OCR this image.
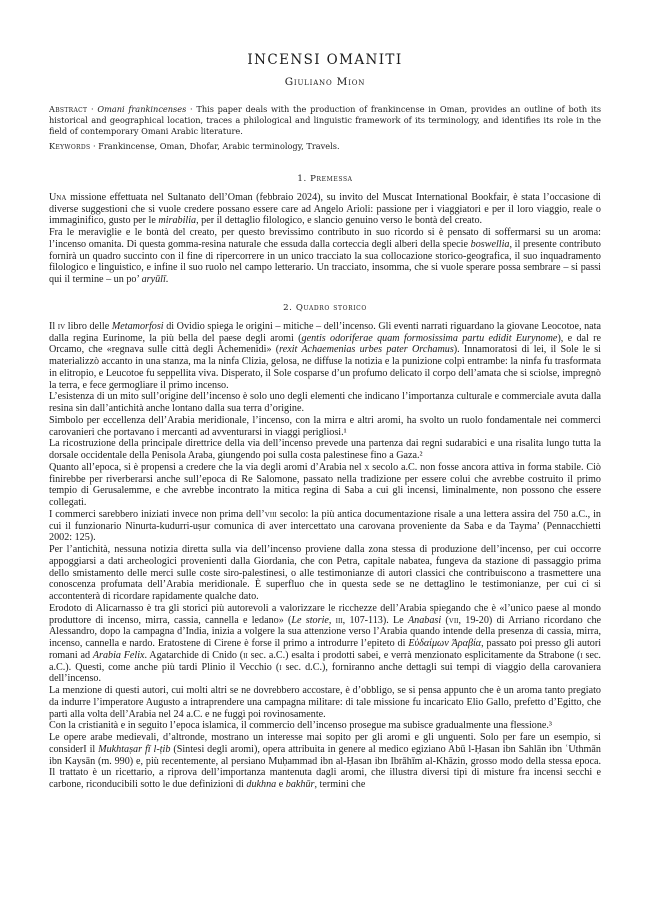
INCENSI OMANITI
Giuliano Mion

Abstract · Omani frankincenses · This paper deals with the production of frankincense in Oman, provides an outline of both its historical and geographical location, traces a philological and linguistic framework of its terminology, and identifies its role in the field of contemporary Omani Arabic literature.

Keywords · Frankincense, Oman, Dhofar, Arabic terminology, Travels.

1. Premessa

Una missione effettuata nel Sultanato dell’Oman (febbraio 2024), su invito del Muscat International Bookfair, è stata l’occasione di diverse suggestioni che si vuole credere possano essere care ad Angelo Arioli: passione per i viaggiatori e per il loro viaggio, reale o immaginifico, gusto per le mirabilia, per il dettaglio filologico, e slancio genuino verso le bontà del creato.

Fra le meraviglie e le bontà del creato, per questo brevissimo contributo in suo ricordo si è pensato di soffermarsi su un aroma: l’incenso omanita. Di questa gomma-resina naturale che essuda dalla corteccia degli alberi della specie boswellia, il presente contributo fornirà un quadro succinto con il fine di ripercorrere in un unico tracciato la sua collocazione storico-geografica, il suo inquadramento filologico e linguistico, e infine il suo ruolo nel campo letterario. Un tracciato, insomma, che si vuole sperare possa sembrare – si passi qui il termine – un po’ aryūlī.

2. Quadro storico

Il iv libro delle Metamorfosi di Ovidio spiega le origini – mitiche – dell’incenso. Gli eventi narrati riguardano la giovane Leocotoe, nata dalla regina Eurinome, la più bella del paese degli aromi (gentis odoriferae quam formosissima partu edidit Eurynome), e dal re Orcamo, che «regnava sulle città degli Achemenidi» (rexit Achaemenias urbes pater Orchamus). Innamoratosi di lei, il Sole le si materializzò accanto in una stanza, ma la ninfa Clizia, gelosa, ne diffuse la notizia e la punizione colpì entrambe: la ninfa fu trasformata in elitropio, e Leucotoe fu seppellita viva. Disperato, il Sole cosparse d’un profumo delicato il corpo dell’amata che si sciolse, impregnò la terra, e fece germogliare il primo incenso.

L’esistenza di un mito sull’origine dell’incenso è solo uno degli elementi che indicano l’importanza culturale e commerciale avuta dalla resina sin dall’antichità anche lontano dalla sua terra d’origine.

Simbolo per eccellenza dell’Arabia meridionale, l’incenso, con la mirra e altri aromi, ha svolto un ruolo fondamentale nei commerci carovanieri che portavano i mercanti ad avventurarsi in viaggi perigliosi.¹

La ricostruzione della principale direttrice della via dell’incenso prevede una partenza dai regni sudarabici e una risalita lungo tutta la dorsale occidentale della Penisola Araba, giungendo poi sulla costa palestinese fino a Gaza.²

Quanto all’epoca, si è propensi a credere che la via degli aromi d’Arabia nel x secolo a.C. non fosse ancora attiva in forma stabile. Ciò finirebbe per riverberarsi anche sull’epoca di Re Salomone, passato nella tradizione per essere colui che avrebbe costruito il primo tempio di Gerusalemme, e che avrebbe incontrato la mitica regina di Saba a cui gli incensi, liminalmente, non possono che essere collegati.

I commerci sarebbero iniziati invece non prima dell’viii secolo: la più antica documentazione risale a una lettera assira del 750 a.C., in cui il funzionario Ninurta-kudurri-uṣur comunica di aver intercettato una carovana proveniente da Saba e da Tayma’ (Pennacchietti 2002: 125).

Per l’antichità, nessuna notizia diretta sulla via dell’incenso proviene dalla zona stessa di produzione dell’incenso, per cui occorre appoggiarsi a dati archeologici provenienti dalla Giordania, che con Petra, capitale nabatea, fungeva da stazione di passaggio prima dello smistamento delle merci sulle coste siro-palestinesi, o alle testimonianze di autori classici che contribuiscono a trasmettere una conoscenza profumata dell’Arabia meridionale. È superfluo che in questa sede se ne dettaglino le testimonianze, per cui ci si accontenterà di ricordare rapidamente qualche dato.

Erodoto di Alicarnasso è tra gli storici più autorevoli a valorizzare le ricchezze dell’Arabia spiegando che è «l’unico paese al mondo produttore di incenso, mirra, cassia, cannella e ledano» (Le storie, iii, 107-113). Le Anabasi (vii, 19-20) di Arriano ricordano che Alessandro, dopo la campagna d’India, inizia a volgere la sua attenzione verso l’Arabia quando intende della presenza di cassia, mirra, incenso, cannella e nardo. Eratostene di Cirene è forse il primo a introdurre l’epiteto di Εὐδαίμων Ἀραβία, passato poi presso gli autori romani ad Arabia Felix. Agatarchide di Cnido (ii sec. a.C.) esalta i prodotti sabei, e verrà menzionato esplicitamente da Strabone (i sec. a.C.). Questi, come anche più tardi Plinio il Vecchio (i sec. d.C.), forniranno anche dettagli sui tempi di viaggio della carovaniera dell’incenso.

La menzione di questi autori, cui molti altri se ne dovrebbero accostare, è d’obbligo, se si pensa appunto che è un aroma tanto pregiato da indurre l’imperatore Augusto a intraprendere una campagna militare: di tale missione fu incaricato Elio Gallo, prefetto d’Egitto, che partì alla volta dell’Arabia nel 24 a.C. e ne fuggì poi rovinosamente.

Con la cristianità e in seguito l’epoca islamica, il commercio dell’incenso prosegue ma subisce gradualmente una flessione.³

Le opere arabe medievali, d’altronde, mostrano un interesse mai sopito per gli aromi e gli unguenti. Solo per fare un esempio, si considerI il Mukhtaṣar fī l-ṭib (Sintesi degli aromi), opera attribuita in genere al medico egiziano Abū l-Ḥasan ibn Sahlān ibn ʿUthmān ibn Kaysān (m. 990) e, più recentemente, al persiano Muḥammad ibn al-Ḥasan ibn Ibrāhīm al-Khāzin, grosso modo della stessa epoca. Il trattato è un ricettario, a riprova dell’importanza mantenuta dagli aromi, che illustra diversi tipi di misture fra incensi secchi e carbone, riconducibili sotto le due definizioni di dukhna e bakhūr, termini che
